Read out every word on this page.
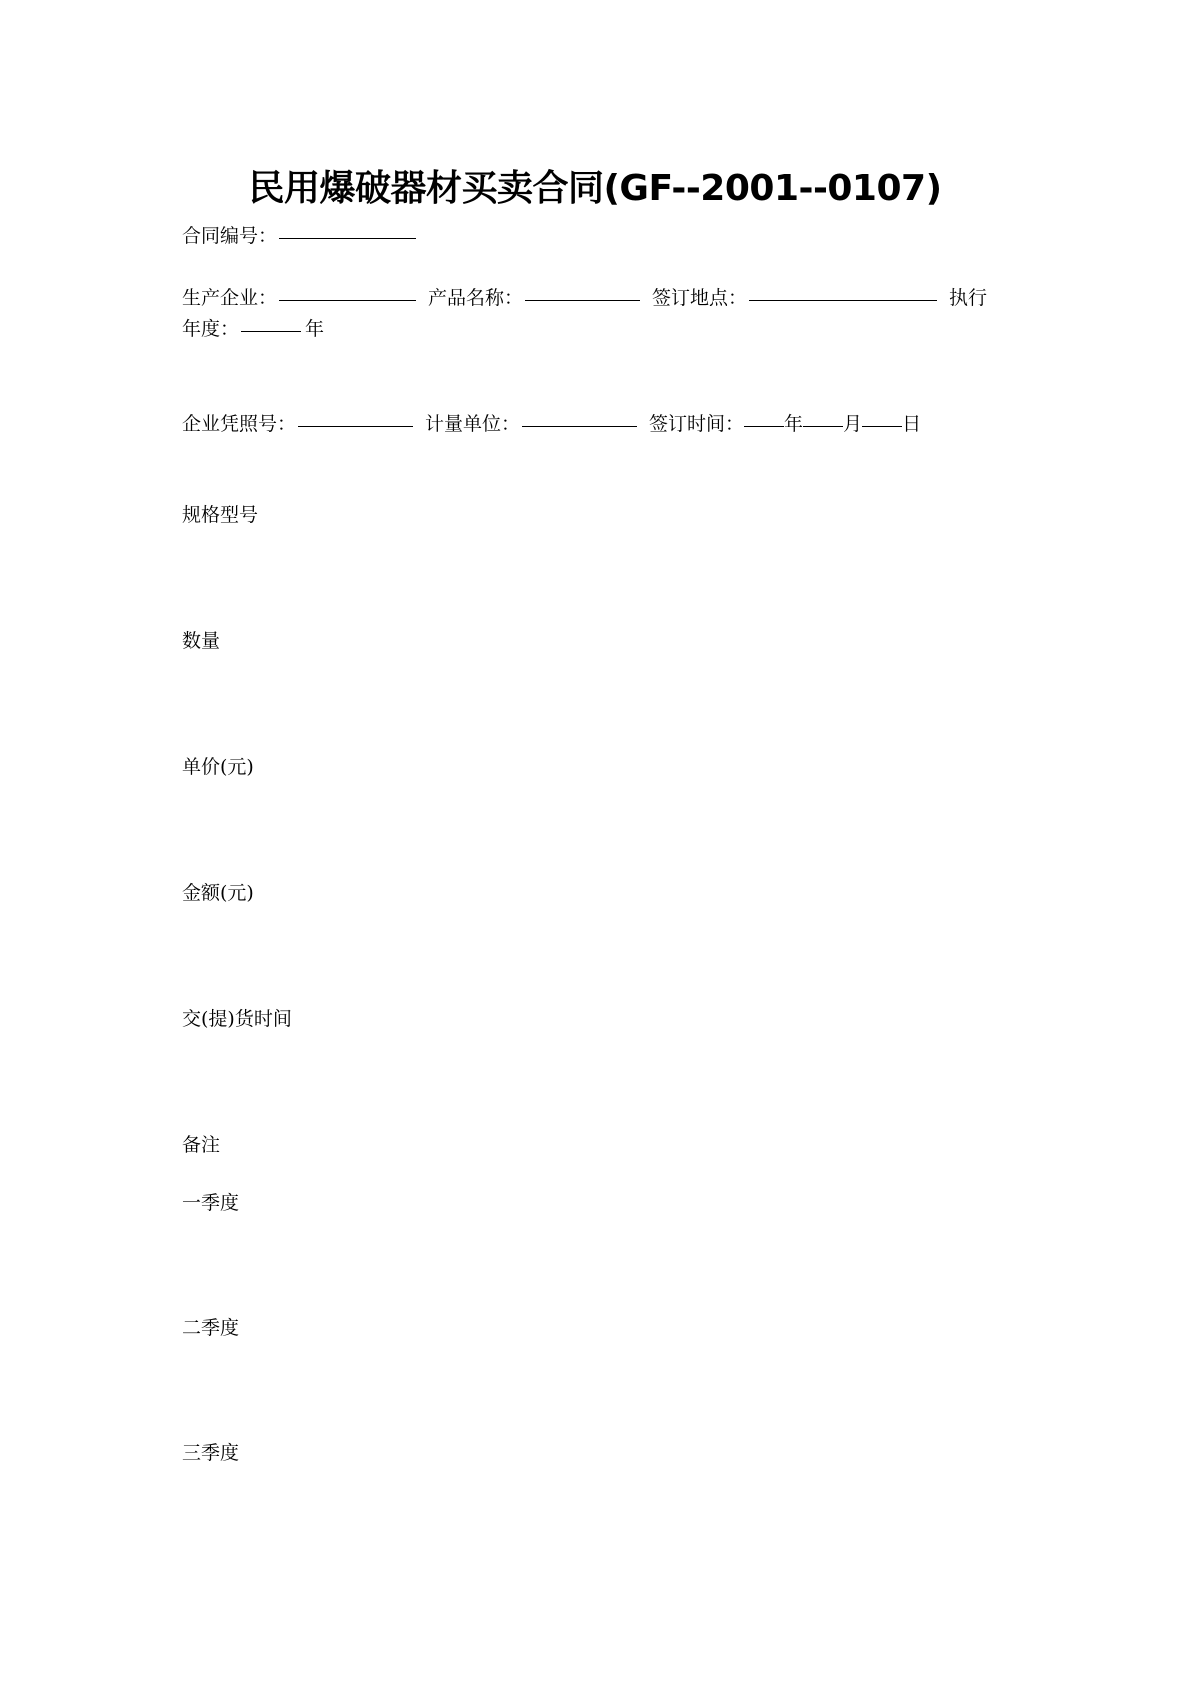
民用爆破器材买卖合同(GF--2001--0107)
合同编号：
生产企业：	产品名称：	签订地点：	执行
年度：	年
企业凭照号：	计量单位：	签订时间： 年 月 日
规格型号
数量
单价(元)
金额(元)
交(提)货时间
备注
一季度
二季度
三季度
